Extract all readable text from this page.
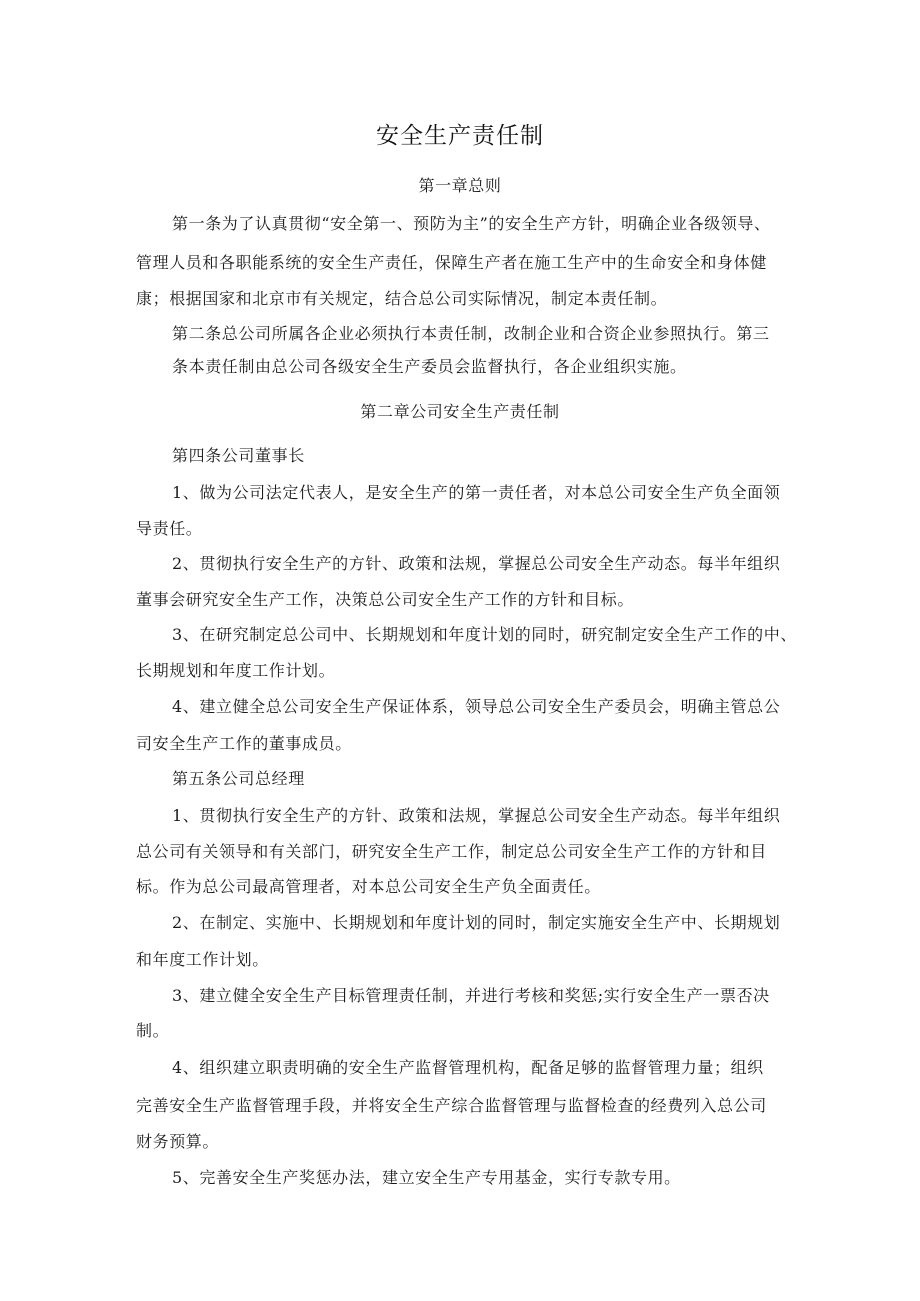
安全生产责任制
第一章总则
第一条为了认真贯彻“安全第一、预防为主”的安全生产方针，明确企业各级领导、
管理人员和各职能系统的安全生产责任，保障生产者在施工生产中的生命安全和身体健
康；根据国家和北京市有关规定，结合总公司实际情况，制定本责任制。
第二条总公司所属各企业必须执行本责任制，改制企业和合资企业参照执行。第三
条本责任制由总公司各级安全生产委员会监督执行，各企业组织实施。
第二章公司安全生产责任制
第四条公司董事长
1、做为公司法定代表人，是安全生产的第一责任者，对本总公司安全生产负全面领
导责任。
2、贯彻执行安全生产的方针、政策和法规，掌握总公司安全生产动态。每半年组织
董事会研究安全生产工作，决策总公司安全生产工作的方针和目标。
3、在研究制定总公司中、长期规划和年度计划的同时，研究制定安全生产工作的中、
长期规划和年度工作计划。
4、建立健全总公司安全生产保证体系，领导总公司安全生产委员会，明确主管总公
司安全生产工作的董事成员。
第五条公司总经理
1、贯彻执行安全生产的方针、政策和法规，掌握总公司安全生产动态。每半年组织
总公司有关领导和有关部门，研究安全生产工作，制定总公司安全生产工作的方针和目
标。作为总公司最高管理者，对本总公司安全生产负全面责任。
2、在制定、实施中、长期规划和年度计划的同时，制定实施安全生产中、长期规划
和年度工作计划。
3、建立健全安全生产目标管理责任制，并进行考核和奖惩;实行安全生产一票否决
制。
4、组织建立职责明确的安全生产监督管理机构，配备足够的监督管理力量；组织
完善安全生产监督管理手段，并将安全生产综合监督管理与监督检查的经费列入总公司
财务预算。
5、完善安全生产奖惩办法，建立安全生产专用基金，实行专款专用。
